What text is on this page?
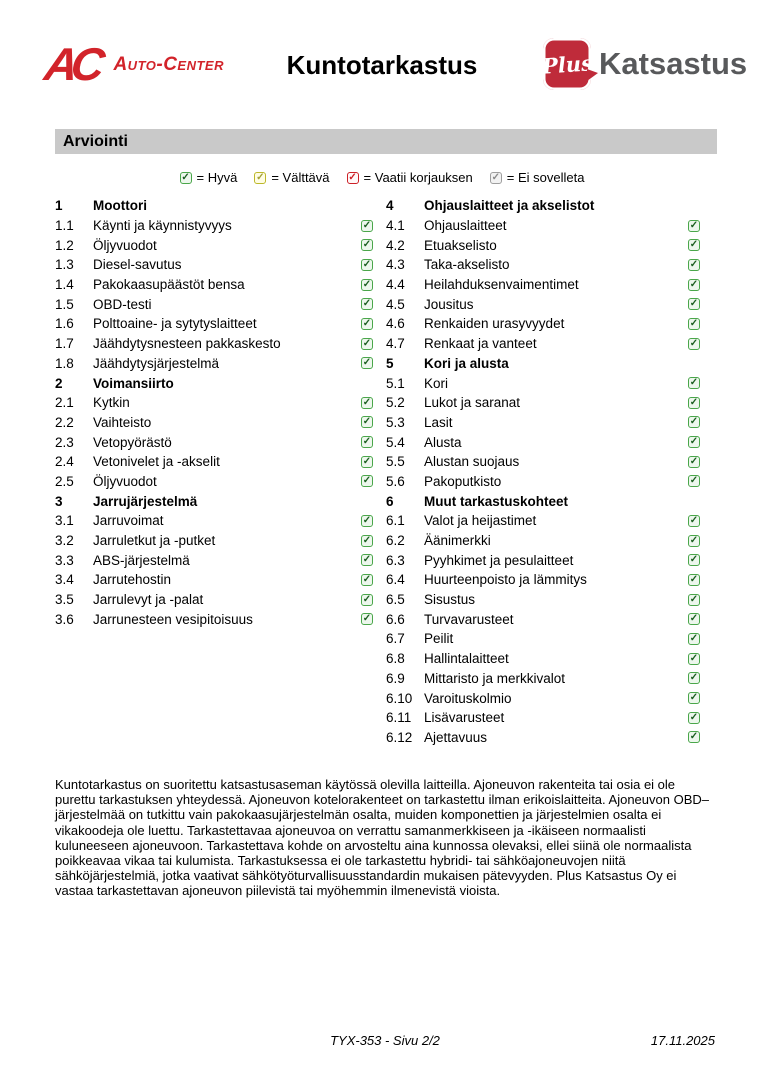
AC Auto-Center	Kuntotarkastus	Plus Katsastus
Arviointi
✓ = Hyvä ✓ = Välttävä ✓ = Vaatii korjauksen ✓ = Ei sovelleta
1	Moottori
1.1	Käynti ja käynnistyvyys	✓
1.2	Öljyvuodot	✓
1.3	Diesel-savutus	✓
1.4	Pakokaasupäästöt bensa	✓
1.5	OBD-testi	✓
1.6	Polttoaine- ja sytytyslaitteet	✓
1.7	Jäähdytysnesteen pakkaskesto	✓
1.8	Jäähdytysjärjestelmä	✓
2	Voimansiirto
2.1	Kytkin	✓
2.2	Vaihteisto	✓
2.3	Vetopyörästö	✓
2.4	Vetonivelet ja -akselit	✓
2.5	Öljyvuodot	✓
3	Jarrujärjestelmä
3.1	Jarruvoimat	✓
3.2	Jarruletkut ja -putket	✓
3.3	ABS-järjestelmä	✓
3.4	Jarrutehostin	✓
3.5	Jarrulevyt ja -palat	✓
3.6	Jarrunesteen vesipitoisuus	✓
4	Ohjauslaitteet ja akselistot
4.1	Ohjauslaitteet	✓
4.2	Etuakselisto	✓
4.3	Taka-akselisto	✓
4.4	Heilahduksenvaimentimet	✓
4.5	Jousitus	✓
4.6	Renkaiden urasyvyydet	✓
4.7	Renkaat ja vanteet	✓
5	Kori ja alusta
5.1	Kori	✓
5.2	Lukot ja saranat	✓
5.3	Lasit	✓
5.4	Alusta	✓
5.5	Alustan suojaus	✓
5.6	Pakoputkisto	✓
6	Muut tarkastuskohteet
6.1	Valot ja heijastimet	✓
6.2	Äänimerkki	✓
6.3	Pyyhkimet ja pesulaitteet	✓
6.4	Huurteenpoisto ja lämmitys	✓
6.5	Sisustus	✓
6.6	Turvavarusteet	✓
6.7	Peilit	✓
6.8	Hallintalaitteet	✓
6.9	Mittaristo ja merkkivalot	✓
6.10 Varoituskolmio	✓
6.11 Lisävarusteet	✓
6.12 Ajettavuus	✓
Kuntotarkastus on suoritettu katsastusaseman käytössä olevilla laitteilla. Ajoneuvon rakenteita tai osia ei ole purettu tarkastuksen yhteydessä. Ajoneuvon kotelorakenteet on tarkastettu ilman erikoislaitteita. Ajoneuvon OBD–järjestelmää on tutkittu vain pakokaasujärjestelmän osalta, muiden komponettien ja järjestelmien osalta ei vikakoodeja ole luettu. Tarkastettavaa ajoneuvoa on verrattu samanmerkkiseen ja -ikäiseen normaalisti kuluneeseen ajoneuvoon. Tarkastettava kohde on arvosteltu aina kunnossa olevaksi, ellei siinä ole normaalista poikkeavaa vikaa tai kulumista. Tarkastuksessa ei ole tarkastettu hybridi- tai sähköajoneuvojen niitä sähköjärjestelmiä, jotka vaativat sähkötyöturvallisuusstandardin mukaisen pätevyyden. Plus Katsastus Oy ei vastaa tarkastettavan ajoneuvon piilevistä tai myöhemmin ilmenevistä vioista.
TYX-353 - Sivu 2/2	17.11.2025
